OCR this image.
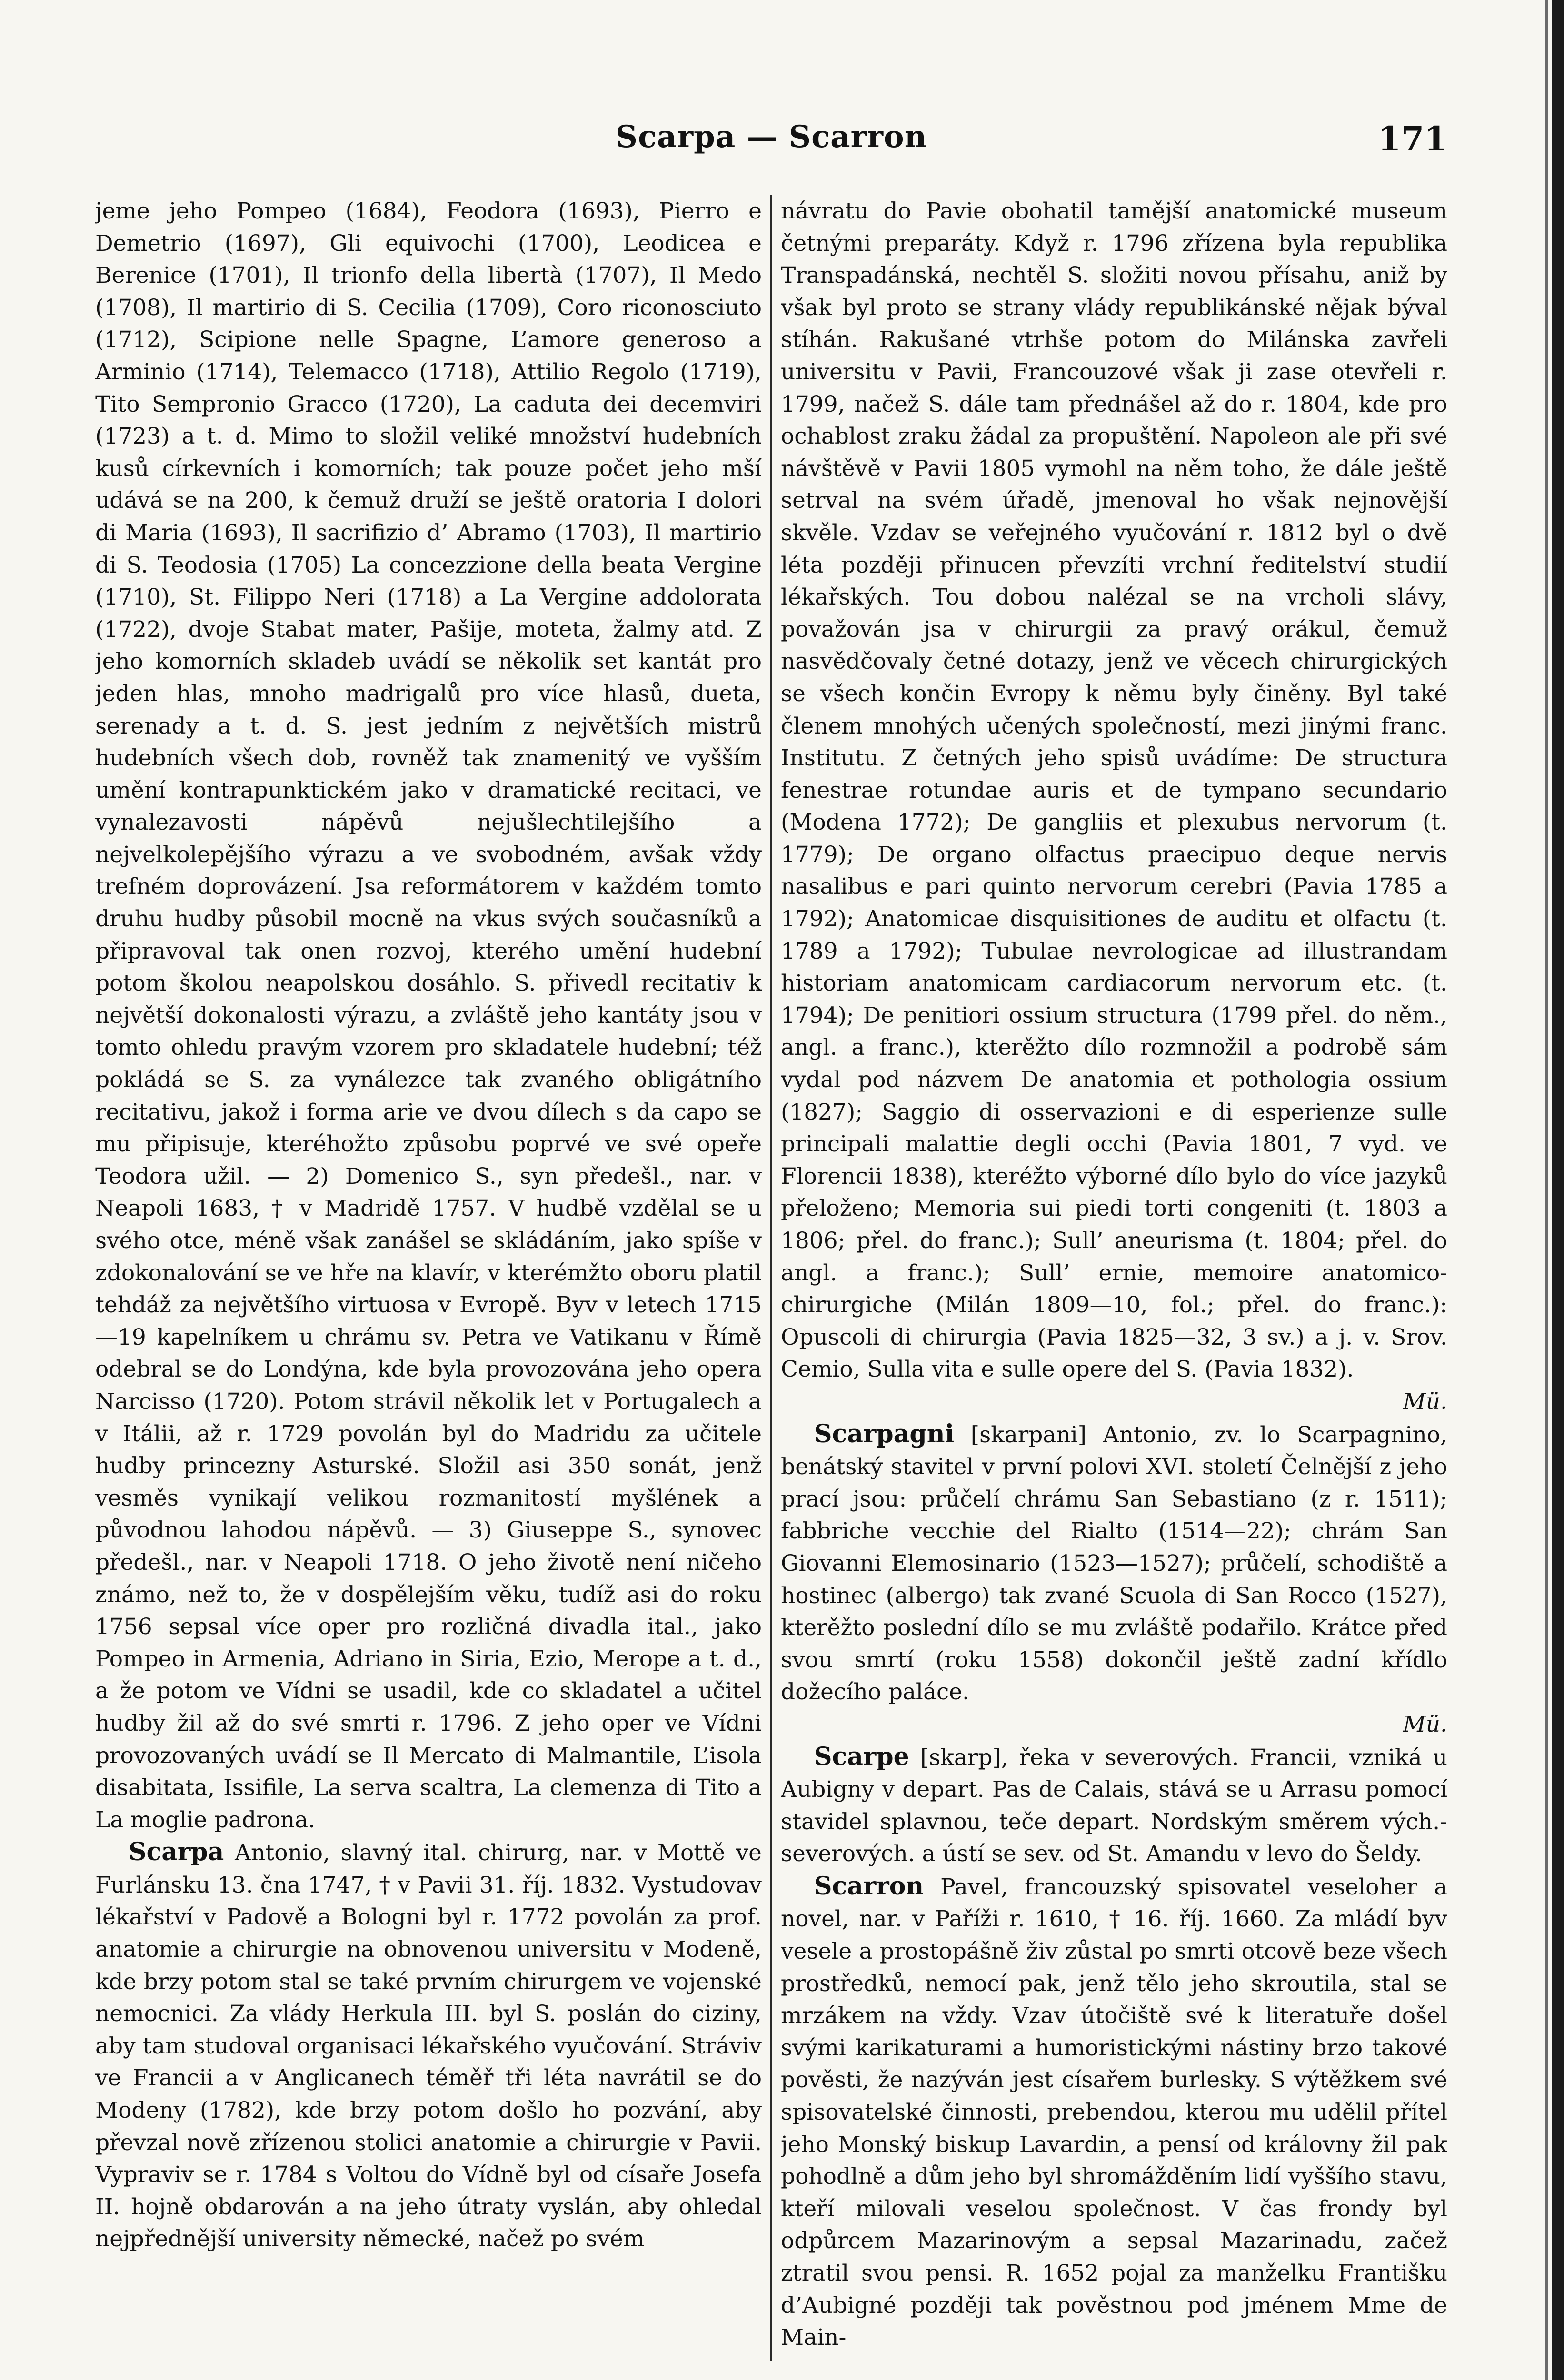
Scarpa — Scarron	171

jeme jeho Pompeo (1684), Feodora (1693), Pierro e Demetrio (1697), Gli equivochi (1700), Leodicea e Berenice (1701), Il trionfo della libertà (1707), Il Medo (1708), Il martirio di S. Cecilia (1709), Coro riconosciuto (1712), Scipione nelle Spagne, L’amore generoso a Arminio (1714), Telemacco (1718), Attilio Regolo (1719), Tito Sempronio Gracco (1720), La caduta dei decemviri (1723) a t. d. Mimo to složil veliké množství hudebních kusů církevních i komorních; tak pouze počet jeho mší udává se na 200, k čemuž druží se ještě oratoria I dolori di Maria (1693), Il sacrifizio d’ Abramo (1703), Il martirio di S. Teodosia (1705) La concezzione della beata Vergine (1710), St. Filippo Neri (1718) a La Vergine addolorata (1722), dvoje Stabat mater, Pašije, moteta, žalmy atd. Z jeho komorních skladeb uvádí se několik set kantát pro jeden hlas, mnoho madrigalů pro více hlasů, dueta, serenady a t. d. S. jest jedním z největších mistrů hudebních všech dob, rovněž tak znamenitý ve vyšším umění kontrapunktickém jako v dramatické recitaci, ve vynalezavosti nápěvů nejušlechtilejšího a nejvelkolepějšího výrazu a ve svobodném, avšak vždy trefném doprovázení. Jsa reformátorem v každém tomto druhu hudby působil mocně na vkus svých současníků a připravoval tak onen rozvoj, kterého umění hudební potom školou neapolskou dosáhlo. S. přivedl recitativ k největší dokonalosti výrazu, a zvláště jeho kantáty jsou v tomto ohledu pravým vzorem pro skladatele hudební; též pokládá se S. za vynálezce tak zvaného obligátního recitativu, jakož i forma arie ve dvou dílech s da capo se mu připisuje, kteréhožto způsobu poprvé ve své opeře Teodora užil. — 2) Domenico S., syn předešl., nar. v Neapoli 1683, † v Madridě 1757. V hudbě vzdělal se u svého otce, méně však zanášel se skládáním, jako spíše v zdokonalování se ve hře na klavír, v kterémžto oboru platil tehdáž za největšího virtuosa v Evropě. Byv v letech 1715—19 kapelníkem u chrámu sv. Petra ve Vatikanu v Římě odebral se do Londýna, kde byla provozována jeho opera Narcisso (1720). Potom strávil několik let v Portugalech a v Itálii, až r. 1729 povolán byl do Madridu za učitele hudby princezny Asturské. Složil asi 350 sonát, jenž vesměs vynikají velikou rozmanitostí myšlének a původnou lahodou nápěvů. — 3) Giuseppe S., synovec předešl., nar. v Neapoli 1718. O jeho životě není ničeho známo, než to, že v dospělejším věku, tudíž asi do roku 1756 sepsal více oper pro rozličná divadla ital., jako Pompeo in Armenia, Adriano in Siria, Ezio, Merope a t. d., a že potom ve Vídni se usadil, kde co skladatel a učitel hudby žil až do své smrti r. 1796. Z jeho oper ve Vídni provozovaných uvádí se Il Mercato di Malmantile, L’isola disabitata, Issifile, La serva scaltra, La clemenza di Tito a La moglie padrona.

Scarpa Antonio, slavný ital. chirurg, nar. v Mottě ve Furlánsku 13. čna 1747, † v Pavii 31. říj. 1832. Vystudovav lékařství v Padově a Bologni byl r. 1772 povolán za prof. anatomie a chirurgie na obnovenou universitu v Modeně, kde brzy potom stal se také prvním chirurgem ve vojenské nemocnici. Za vlády Herkula III. byl S. poslán do ciziny, aby tam studoval organisaci lékařského vyučování. Stráviv ve Francii a v Anglicanech téměř tři léta navrátil se do Modeny (1782), kde brzy potom došlo ho pozvání, aby převzal nově zřízenou stolici anatomie a chirurgie v Pavii. Vypraviv se r. 1784 s Voltou do Vídně byl od císaře Josefa II. hojně obdarován a na jeho útraty vyslán, aby ohledal nejpřednější university německé, načež po svém

návratu do Pavie obohatil tamější anatomické museum četnými preparáty. Když r. 1796 zřízena byla republika Transpadánská, nechtěl S. složiti novou přísahu, aniž by však byl proto se strany vlády republikánské nějak býval stíhán. Rakušané vtrhše potom do Milánska zavřeli universitu v Pavii, Francouzové však ji zase otevřeli r. 1799, načež S. dále tam přednášel až do r. 1804, kde pro ochablost zraku žádal za propuštění. Napoleon ale při své návštěvě v Pavii 1805 vymohl na něm toho, že dále ještě setrval na svém úřadě, jmenoval ho však nejnovější skvěle. Vzdav se veřejného vyučování r. 1812 byl o dvě léta později přinucen převzíti vrchní ředitelství studií lékařských. Tou dobou nalézal se na vrcholi slávy, považován jsa v chirurgii za pravý orákul, čemuž nasvědčovaly četné dotazy, jenž ve věcech chirurgických se všech končin Evropy k němu byly činěny. Byl také členem mnohých učených společností, mezi jinými franc. Institutu. Z četných jeho spisů uvádíme: De structura fenestrae rotundae auris et de tympano secundario (Modena 1772); De gangliis et plexubus nervorum (t. 1779); De organo olfactus praecipuo deque nervis nasalibus e pari quinto nervorum cerebri (Pavia 1785 a 1792); Anatomicae disquisitiones de auditu et olfactu (t. 1789 a 1792); Tubulae nevrologicae ad illustrandam historiam anatomicam cardiacorum nervorum etc. (t. 1794); De penitiori ossium structura (1799 přel. do něm., angl. a franc.), kterěžto dílo rozmnožil a podrobě sám vydal pod názvem De anatomia et pothologia ossium (1827); Saggio di osservazioni e di esperienze sulle principali malattie degli occhi (Pavia 1801, 7 vyd. ve Florencii 1838), kteréžto výborné dílo bylo do více jazyků přeloženo; Memoria sui piedi torti congeniti (t. 1803 a 1806; přel. do franc.); Sull’ aneurisma (t. 1804; přel. do angl. a franc.); Sull’ ernie, memoire anatomico-chirurgiche (Milán 1809—10, fol.; přel. do franc.): Opuscoli di chirurgia (Pavia 1825—32, 3 sv.) a j. v. Srov. Cemio, Sulla vita e sulle opere del S. (Pavia 1832).

Mü.

Scarpagni [skarpani] Antonio, zv. lo Scarpagnino, benátský stavitel v první polovi XVI. století Čelnější z jeho prací jsou: průčelí chrámu San Sebastiano (z r. 1511); fabbriche vecchie del Rialto (1514—22); chrám San Giovanni Elemosinario (1523—1527); průčelí, schodiště a hostinec (albergo) tak zvané Scuola di San Rocco (1527), kterěžto poslední dílo se mu zvláště podařilo. Krátce před svou smrtí (roku 1558) dokončil ještě zadní křídlo dožecího paláce.

Mü.

Scarpe [skarp], řeka v severových. Francii, vzniká u Aubigny v depart. Pas de Calais, stává se u Arrasu pomocí stavidel splavnou, teče depart. Nordským směrem vých.-severových. a ústí se sev. od St. Amandu v levo do Šeldy.

Scarron Pavel, francouzský spisovatel veseloher a novel, nar. v Paříži r. 1610, † 16. říj. 1660. Za mládí byv vesele a prostopášně živ zůstal po smrti otcově beze všech prostředků, nemocí pak, jenž tělo jeho skroutila, stal se mrzákem na vždy. Vzav útočiště své k literatuře došel svými karikaturami a humoristickými nástiny brzo takové pověsti, že nazýván jest císařem burlesky. S výtěžkem své spisovatelské činnosti, prebendou, kterou mu udělil přítel jeho Monský biskup Lavardin, a pensí od královny žil pak pohodlně a dům jeho byl shromážděním lidí vyššího stavu, kteří milovali veselou společnost. V čas frondy byl odpůrcem Mazarinovým a sepsal Mazarinadu, začež ztratil svou pensi. R. 1652 pojal za manželku Františku d’Aubigné později tak pověstnou pod jménem Mme de Main-
